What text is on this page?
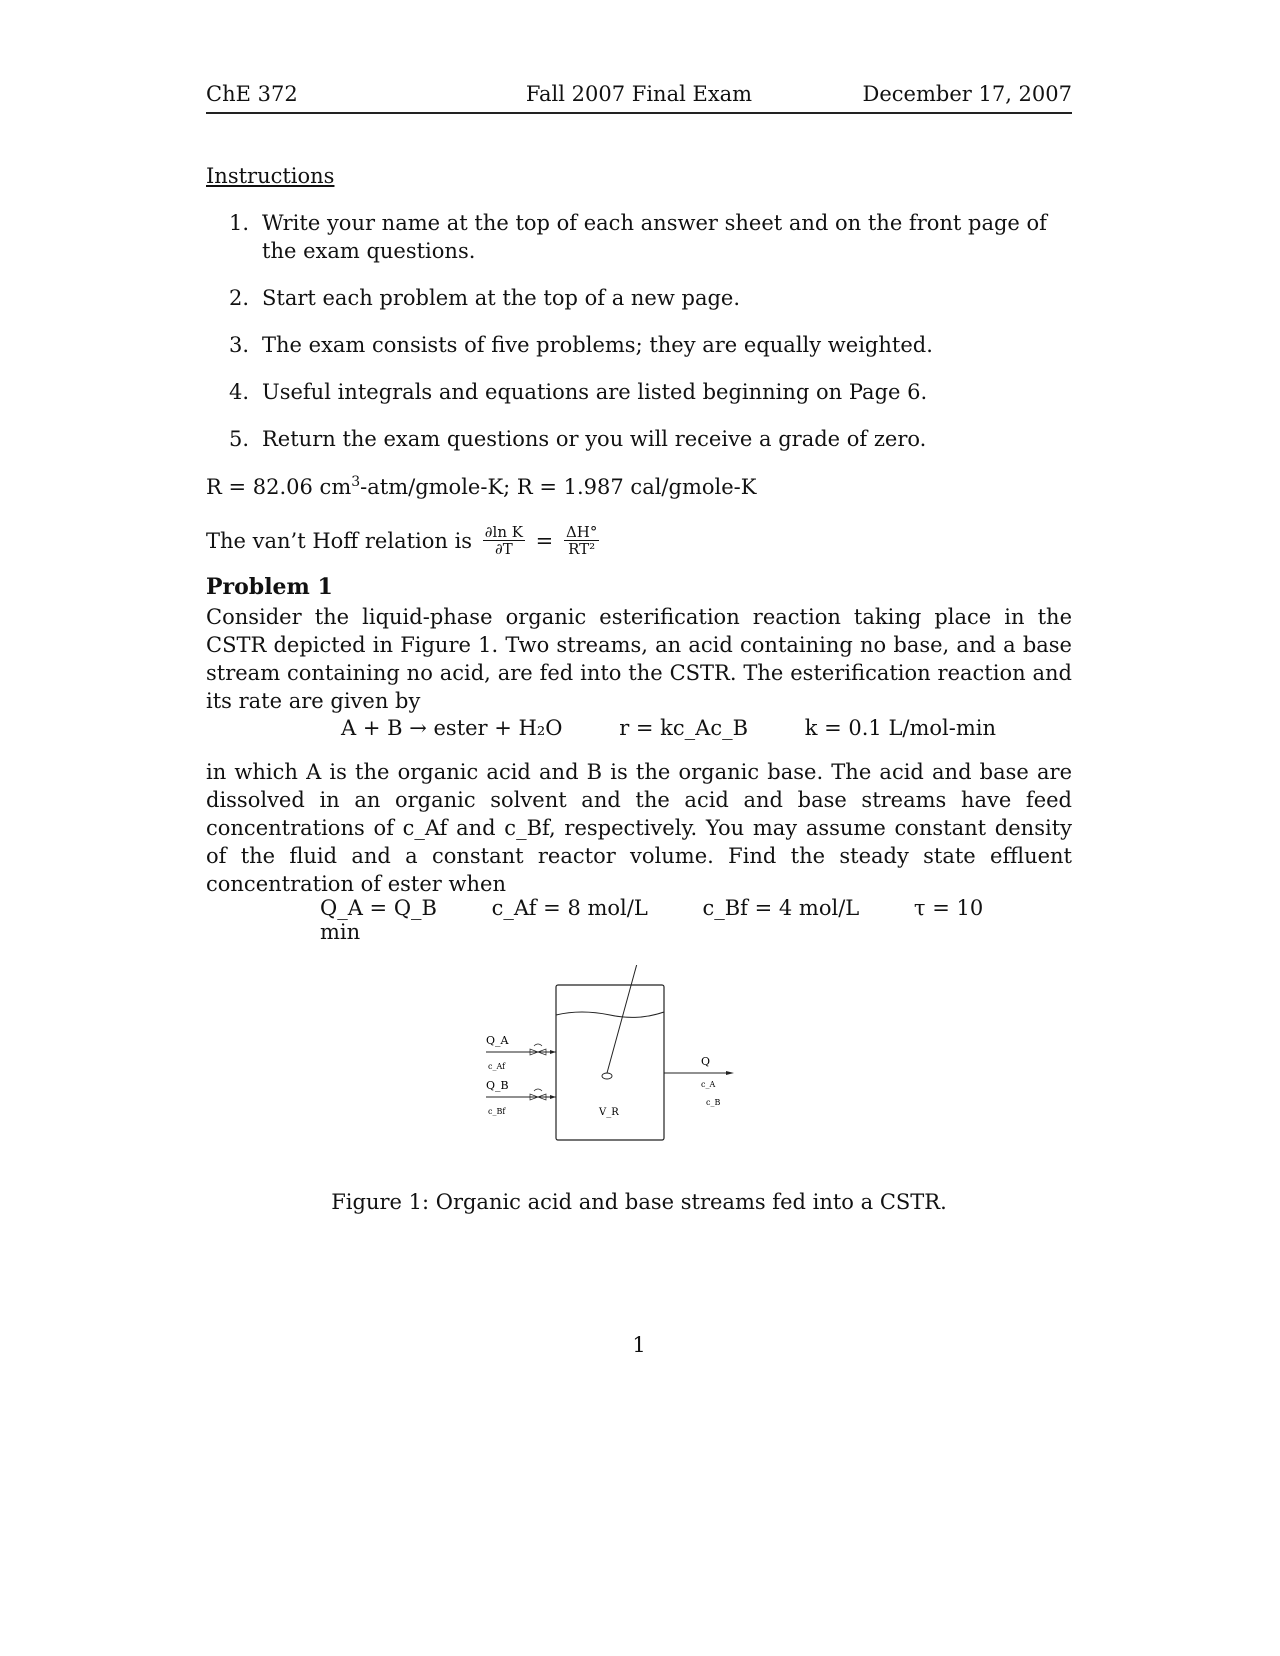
ChE 372	Fall 2007 Final Exam	December 17, 2007
Instructions
1. Write your name at the top of each answer sheet and on the front page of the exam questions.
2. Start each problem at the top of a new page.
3. The exam consists of five problems; they are equally weighted.
4. Useful integrals and equations are listed beginning on Page 6.
5. Return the exam questions or you will receive a grade of zero.
R = 82.06 $cm^3-atm/gmole-K$; R = 1.987 cal/gmole-K
The van’t Hoff relation is $\frac{\text{∂ln K}}{\partial T} = \frac{\Delta H^\circ}{\text{RT²}}$
Problem 1
Consider the liquid-phase organic esterification reaction taking place in the CSTR depicted in Figure 1. Two streams, an acid containing no base, and a base stream containing no acid, are fed into the CSTR. The esterification reaction and its rate are given by
A + B → ester + H₂O	r = kc_Ac_B	k = 0.1 L/mol-min
in which A is the organic acid and B is the organic base. The acid and base are dissolved in an organic solvent and the acid and base streams have feed concentrations of c_Af and c_Bf, respectively. You may assume constant density of the fluid and a constant reactor volume. Find the steady state effluent concentration of ester when
Q_A = Q_B	c_Af = 8 mol/L	c_Bf = 4 mol/L	τ = 10 min
Q_A
c_Af
Q_B
c_Bf
Q
c_A
c_B
V_R
Figure 1: Organic acid and base streams fed into a CSTR.
1
